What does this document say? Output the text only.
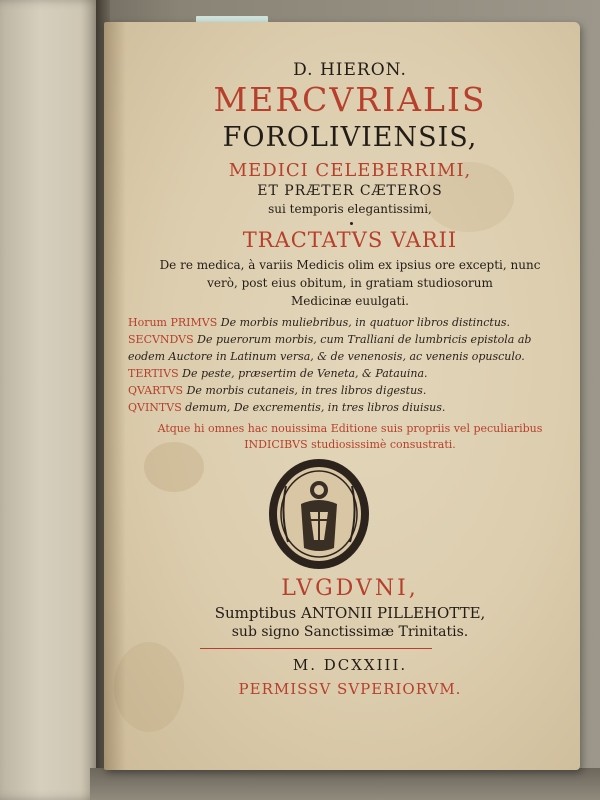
D. HIERON.
MERCVRIALIS
FOROLIVIENSIS,
MEDICI CELEBERRIMI,
ET PRÆTER CÆTEROS
sui temporis elegantissimi,
TRACTATVS VARII
De re medica, à variis Medicis olim ex ipsius ore excepti, nunc
verò, post eius obitum, in gratiam studiosorum
Medicinæ euulgati.
Horum PRIMVS De morbis muliebribus, in quatuor libros distinctus.
SECVNDVS De puerorum morbis, cum Tralliani de lumbricis epistola ab
eodem Auctore in Latinum versa, & de venenosis, ac venenis opusculo.
TERTIVS De peste, præsertim de Veneta, & Patauina.
QVARTVS De morbis cutaneis, in tres libros digestus.
QVINTVS demum, De excrementis, in tres libros diuisus.
Atque hi omnes hac nouissima Editione suis propriis vel peculiaribus
INDICIBVS studiosissimè consustrati.
LVGDVNI,
Sumptibus ANTONII PILLEHOTTE,
sub signo Sanctissimæ Trinitatis.
M. DCXXIII.
PERMISSV SVPERIORVM.
